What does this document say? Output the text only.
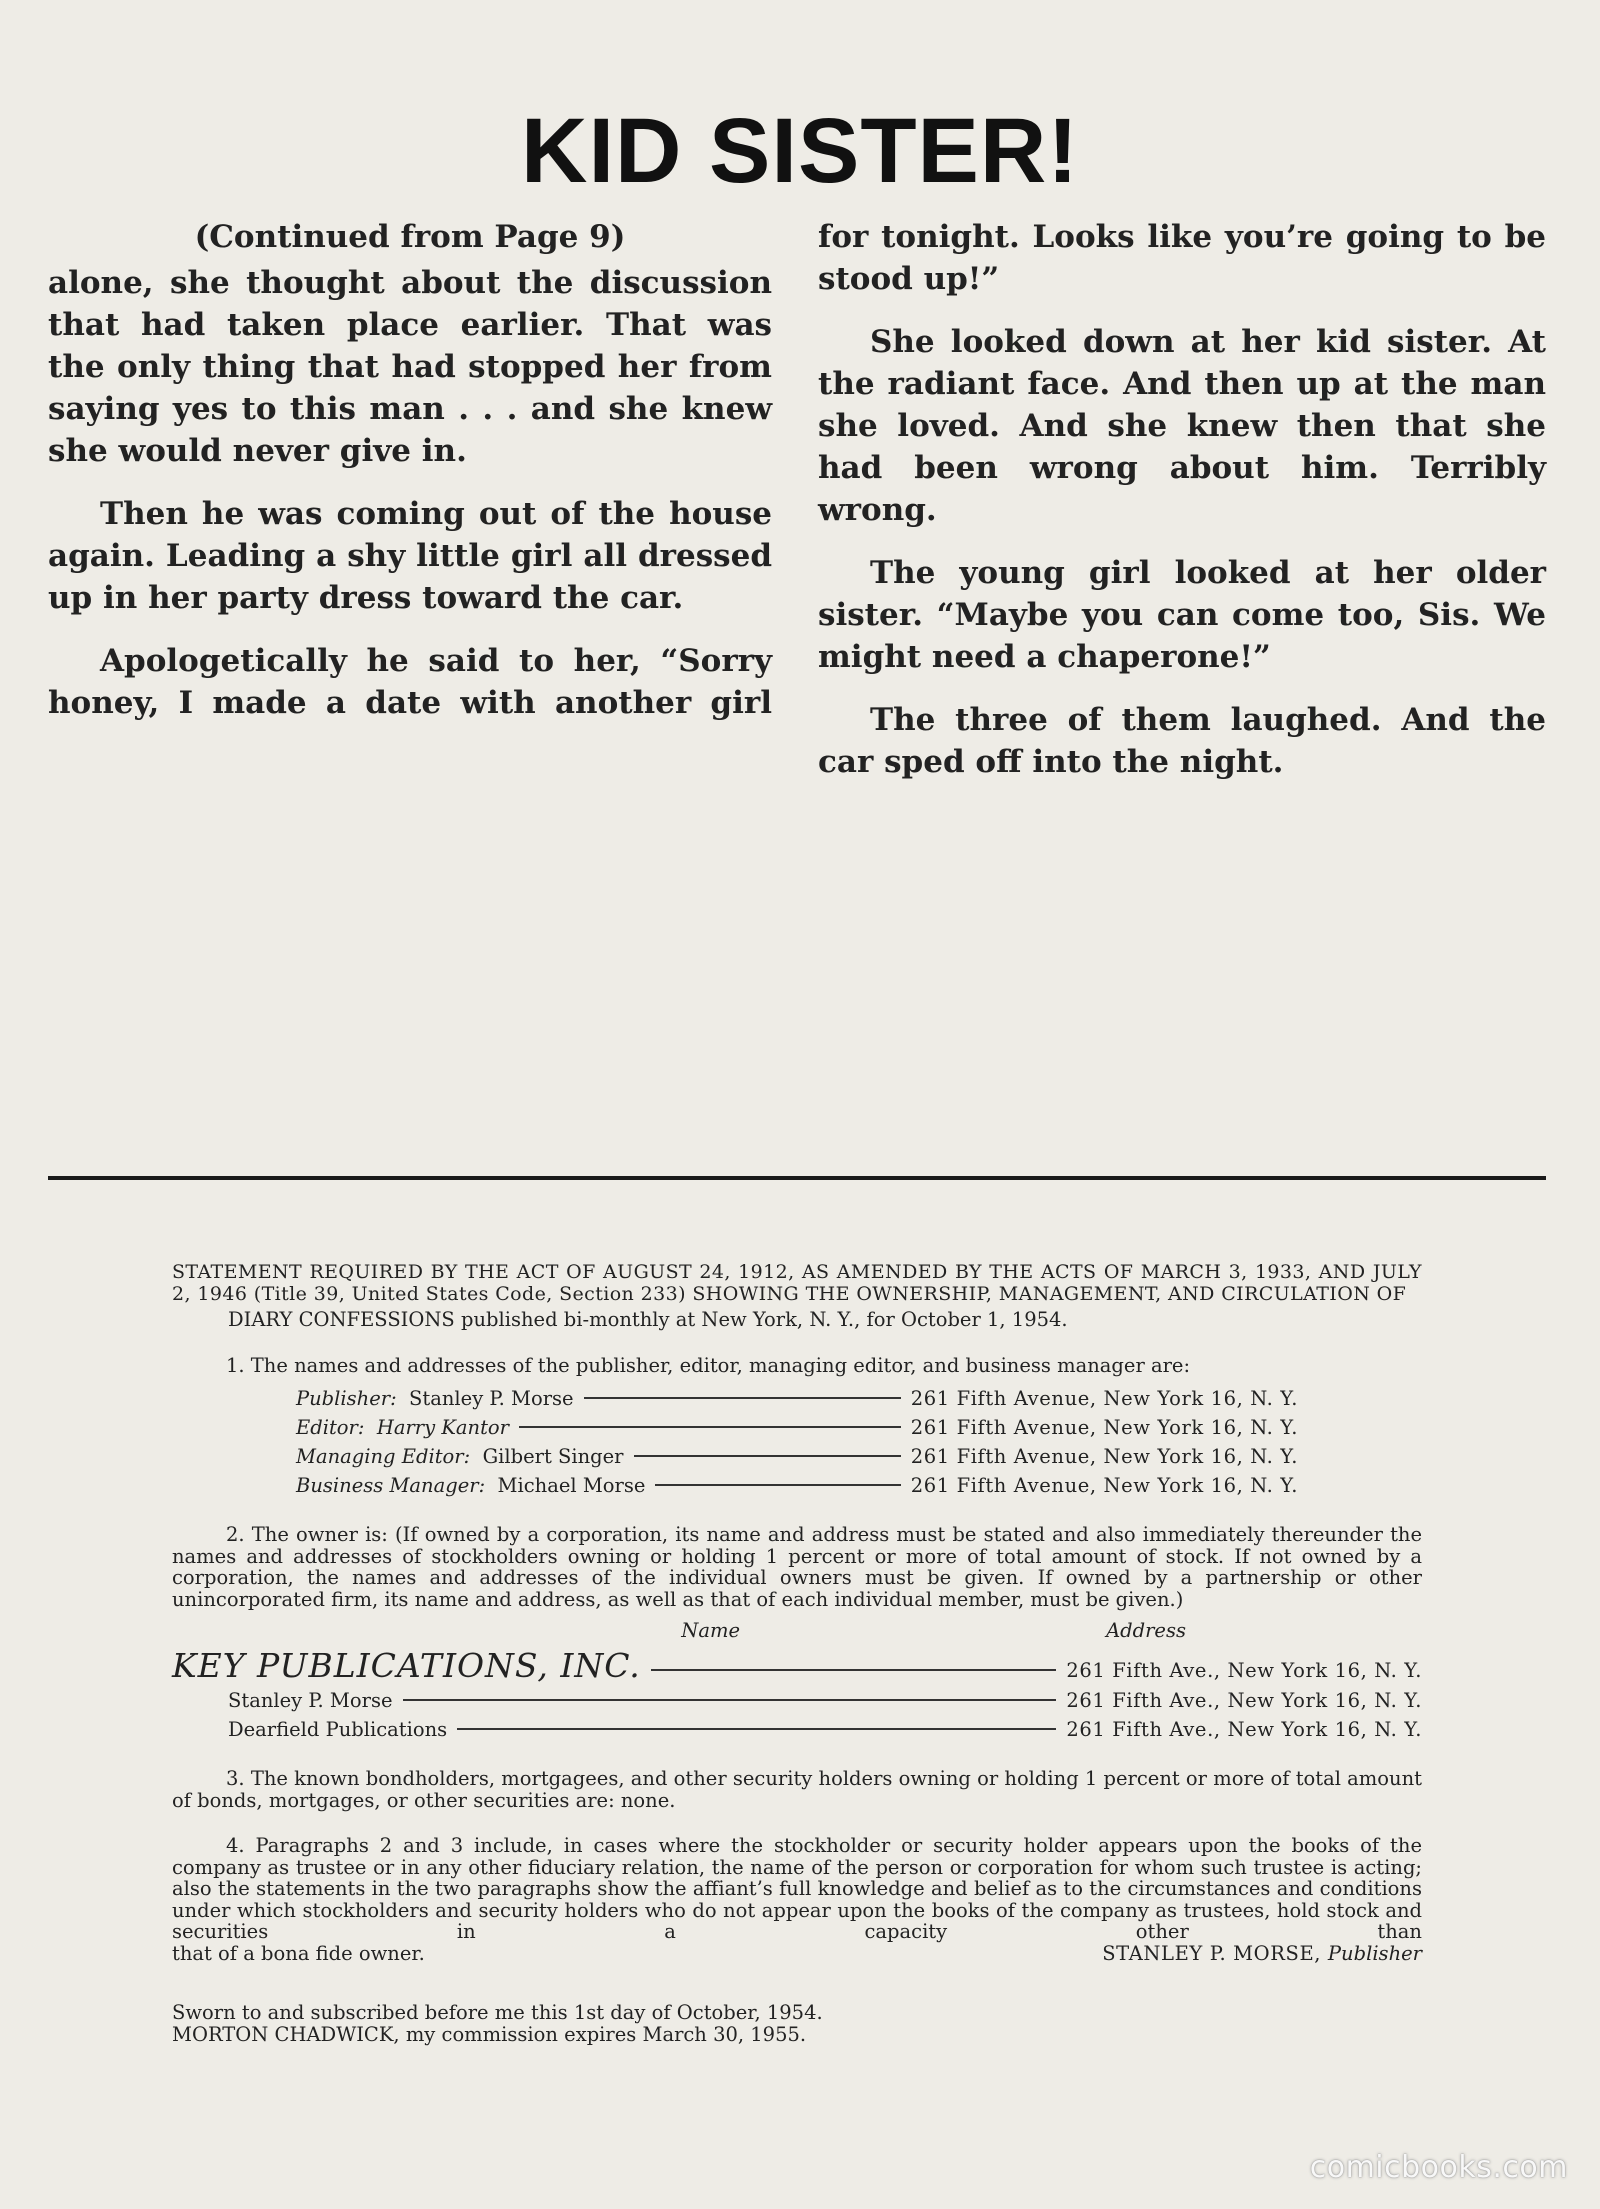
KID SISTER!
(Continued from Page 9)

alone, she thought about the discussion that had taken place earlier. That was the only thing that had stopped her from saying yes to this man . . . and she knew she would never give in.

Then he was coming out of the house again. Leading a shy little girl all dressed up in her party dress toward the car.

Apologetically he said to her, “Sorry honey, I made a date with another girl

for tonight. Looks like you’re going to be stood up!”

She looked down at her kid sister. At the radiant face. And then up at the man she loved. And she knew then that she had been wrong about him. Terribly wrong.

The young girl looked at her older sister. “Maybe you can come too, Sis. We might need a chaperone!”

The three of them laughed. And the car sped off into the night.

STATEMENT REQUIRED BY THE ACT OF AUGUST 24, 1912, AS AMENDED BY THE ACTS OF MARCH 3, 1933, AND JULY 2, 1946 (Title 39, United States Code, Section 233) SHOWING THE OWNERSHIP, MANAGEMENT, AND CIRCULATION OF

DIARY CONFESSIONS published bi-monthly at New York, N. Y., for October 1, 1954.

1. The names and addresses of the publisher, editor, managing editor, and business manager are:

Publisher: Stanley P. Morse	261 Fifth Avenue, New York 16, N. Y.
Editor: Harry Kantor	261 Fifth Avenue, New York 16, N. Y.
Managing Editor: Gilbert Singer	261 Fifth Avenue, New York 16, N. Y.
Business Manager: Michael Morse	261 Fifth Avenue, New York 16, N. Y.

2. The owner is: (If owned by a corporation, its name and address must be stated and also immediately thereunder the names and addresses of stockholders owning or holding 1 percent or more of total amount of stock. If not owned by a corporation, the names and addresses of the individual owners must be given. If owned by a partnership or other unincorporated firm, its name and address, as well as that of each individual member, must be given.)

Name	Address
KEY PUBLICATIONS, INC.	261 Fifth Ave., New York 16, N. Y.
Stanley P. Morse	261 Fifth Ave., New York 16, N. Y.
Dearfield Publications	261 Fifth Ave., New York 16, N. Y.

3. The known bondholders, mortgagees, and other security holders owning or holding 1 percent or more of total amount of bonds, mortgages, or other securities are: none.

4. Paragraphs 2 and 3 include, in cases where the stockholder or security holder appears upon the books of the company as trustee or in any other fiduciary relation, the name of the person or corporation for whom such trustee is acting; also the statements in the two paragraphs show the affiant’s full knowledge and belief as to the circumstances and conditions under which stockholders and security holders who do not appear upon the books of the company as trustees, hold stock and securities in a capacity other than

that of a bona fide owner.	STANLEY P. MORSE, Publisher

Sworn to and subscribed before me this 1st day of October, 1954.

MORTON CHADWICK, my commission expires March 30, 1955.

comicbooks.com
